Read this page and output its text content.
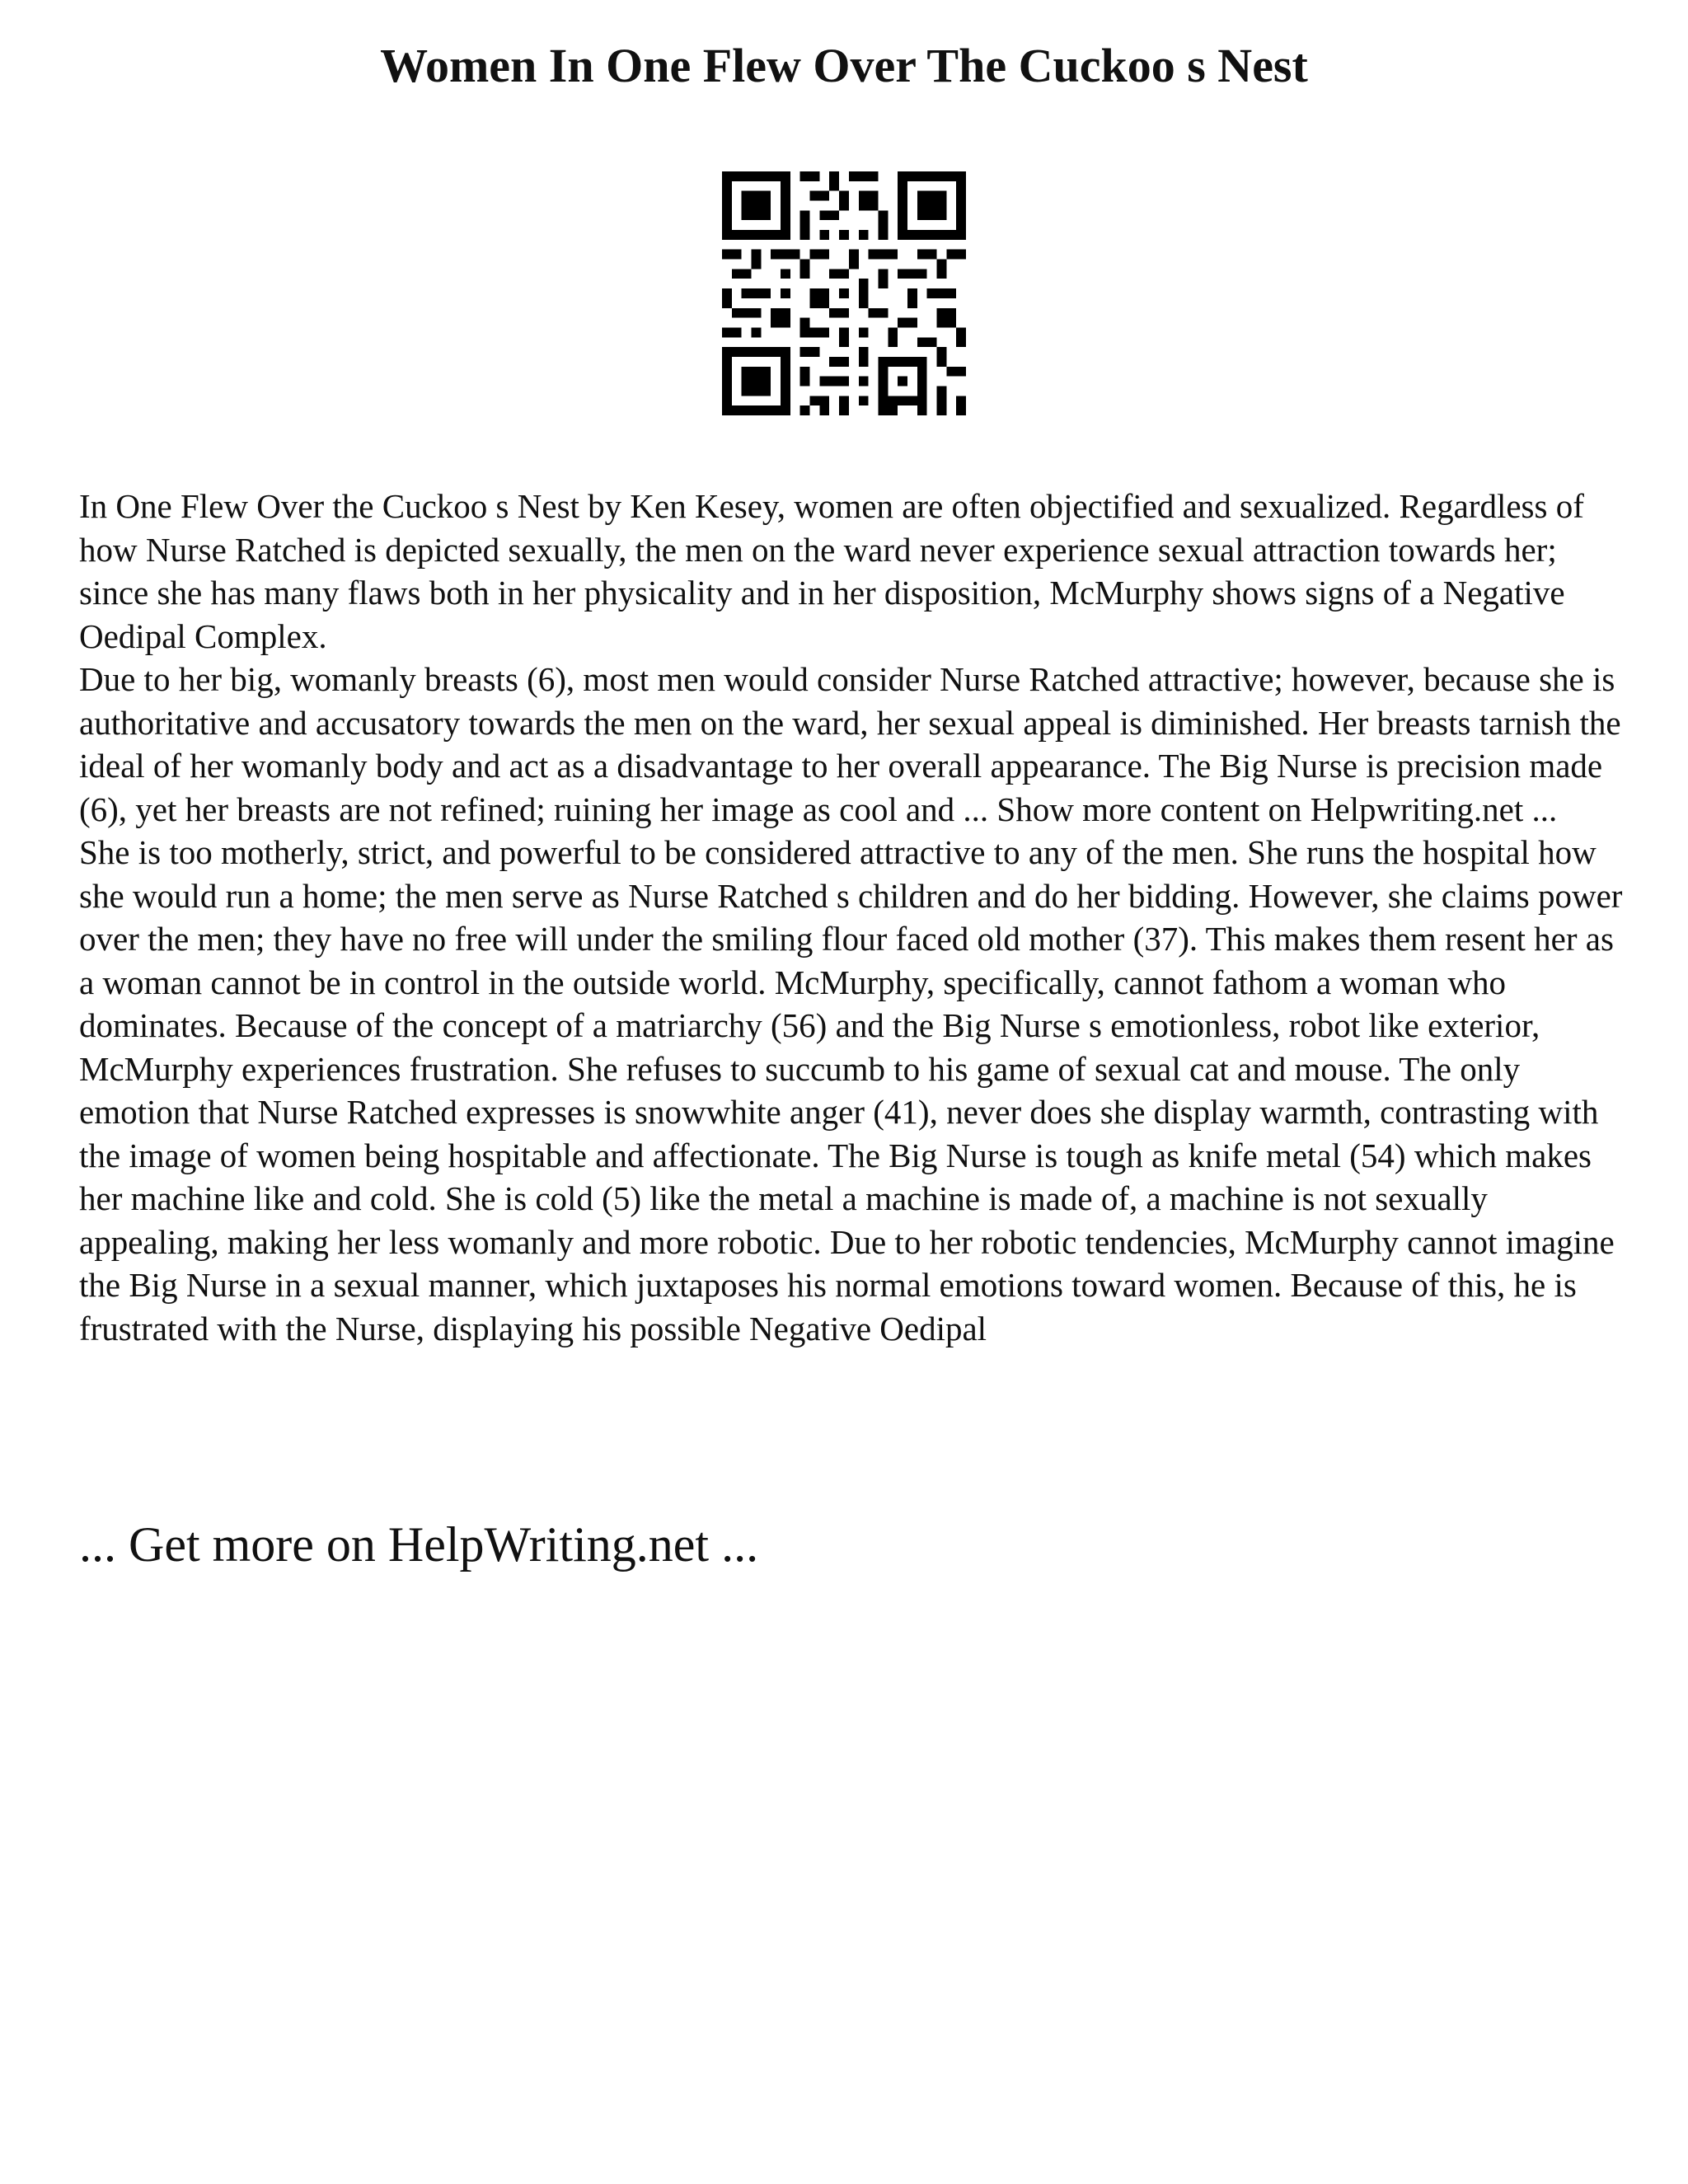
Women In One Flew Over The Cuckoo s Nest

In One Flew Over the Cuckoo s Nest by Ken Kesey, women are often objectified and sexualized. Regardless of how Nurse Ratched is depicted sexually, the men on the ward never experience sexual attraction towards her; since she has many flaws both in her physicality and in her disposition, McMurphy shows signs of a Negative Oedipal Complex.

Due to her big, womanly breasts (6), most men would consider Nurse Ratched attractive; however, because she is authoritative and accusatory towards the men on the ward, her sexual appeal is diminished. Her breasts tarnish the ideal of her womanly body and act as a disadvantage to her overall appearance. The Big Nurse is precision made (6), yet her breasts are not refined; ruining her image as cool and ... Show more content on Helpwriting.net ...

She is too motherly, strict, and powerful to be considered attractive to any of the men. She runs the hospital how she would run a home; the men serve as Nurse Ratched s children and do her bidding. However, she claims power over the men; they have no free will under the smiling flour faced old mother (37). This makes them resent her as a woman cannot be in control in the outside world. McMurphy, specifically, cannot fathom a woman who dominates. Because of the concept of a matriarchy (56) and the Big Nurse s emotionless, robot like exterior, McMurphy experiences frustration. She refuses to succumb to his game of sexual cat and mouse. The only emotion that Nurse Ratched expresses is snowwhite anger (41), never does she display warmth, contrasting with the image of women being hospitable and affectionate. The Big Nurse is tough as knife metal (54) which makes her machine like and cold. She is cold (5) like the metal a machine is made of, a machine is not sexually appealing, making her less womanly and more robotic. Due to her robotic tendencies, McMurphy cannot imagine the Big Nurse in a sexual manner, which juxtaposes his normal emotions toward women. Because of this, he is frustrated with the Nurse, displaying his possible Negative Oedipal

... Get more on HelpWriting.net ...
